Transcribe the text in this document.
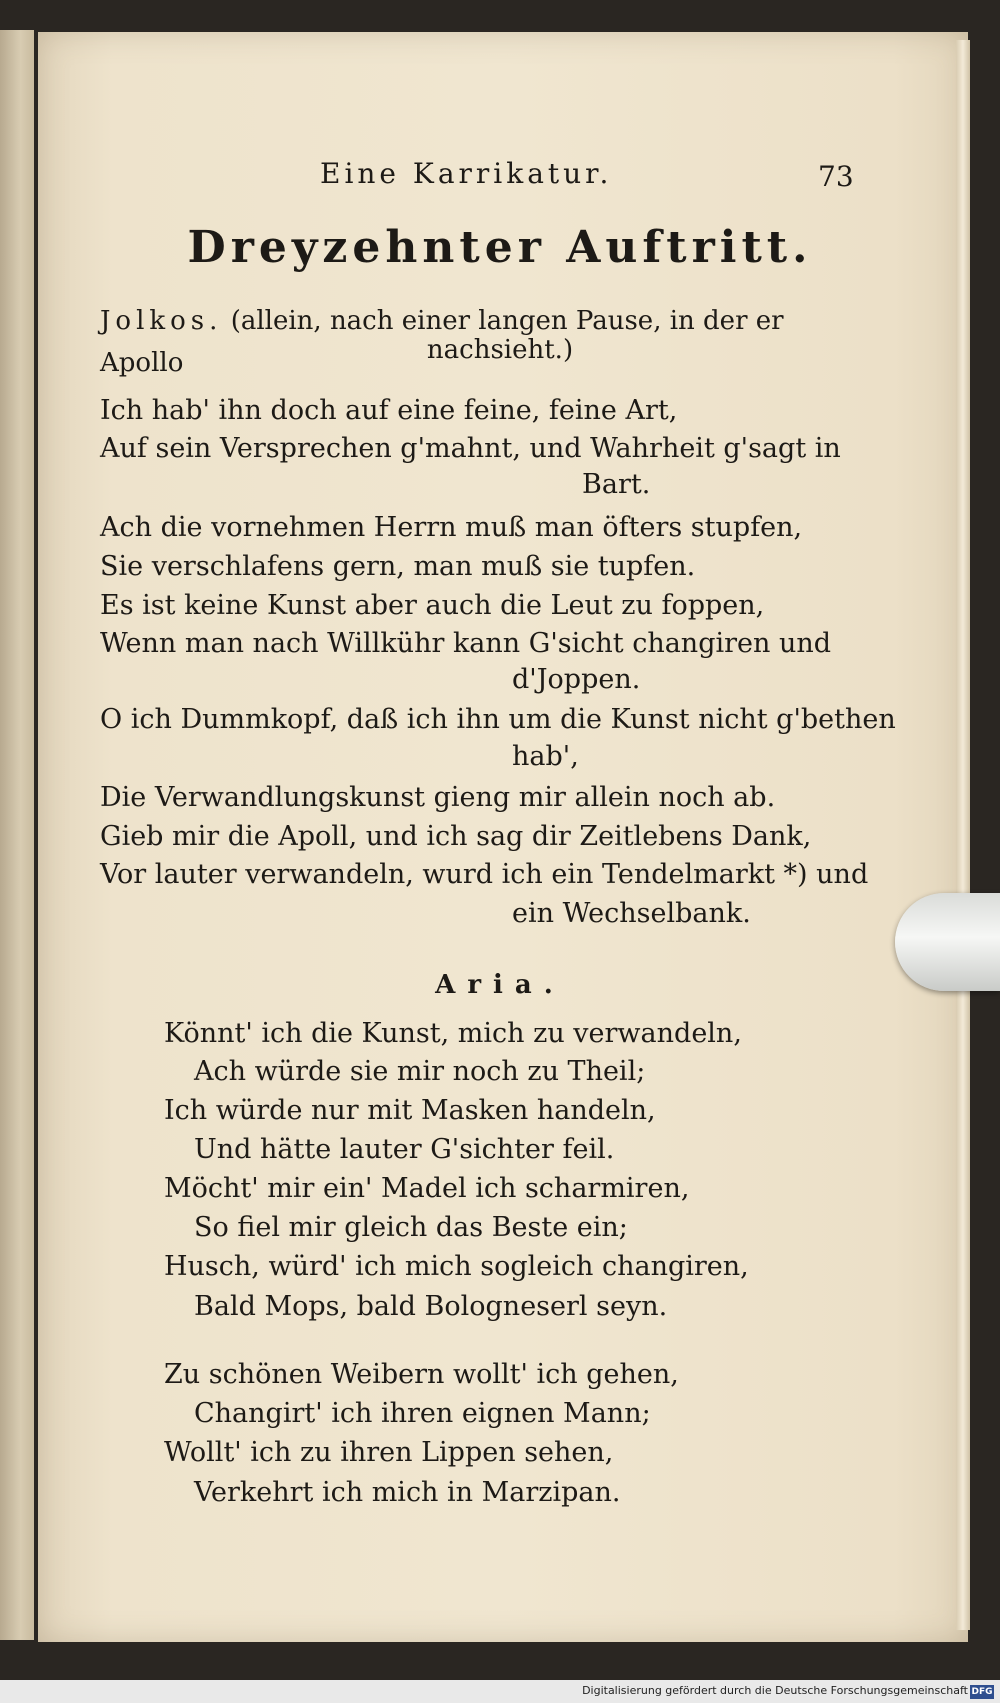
Eine Karrikatur.	73
Dreyzehnter Auftritt.
Jolkos. (allein, nach einer langen Pause, in der er Apollo	nachsieht.)
Ich hab' ihn doch auf eine feine, feine Art,
Auf sein Versprechen g'mahnt, und Wahrheit g'sagt in
Bart.
Ach die vornehmen Herrn muß man öfters stupfen,
Sie verschlafens gern, man muß sie tupfen.
Es ist keine Kunst aber auch die Leut zu foppen,
Wenn man nach Willkühr kann G'sicht changiren und
d'Joppen.
O ich Dummkopf, daß ich ihn um die Kunst nicht g'bethen
hab',
Die Verwandlungskunst gieng mir allein noch ab.
Gieb mir die Apoll, und ich sag dir Zeitlebens Dank,
Vor lauter verwandeln, wurd ich ein Tendelmarkt *) und
ein Wechselbank.
Aria.
Könnt' ich die Kunst, mich zu verwandeln,
Ach würde sie mir noch zu Theil;
Ich würde nur mit Masken handeln,
Und hätte lauter G'sichter feil.
Möcht' mir ein' Madel ich scharmiren,
So fiel mir gleich das Beste ein;
Husch, würd' ich mich sogleich changiren,
Bald Mops, bald Bologneserl seyn.
Zu schönen Weibern wollt' ich gehen,
Changirt' ich ihren eignen Mann;
Wollt' ich zu ihren Lippen sehen,
Verkehrt ich mich in Marzipan.
Digitalisierung gefördert durch die Deutsche Forschungsgemeinschaft DFG
